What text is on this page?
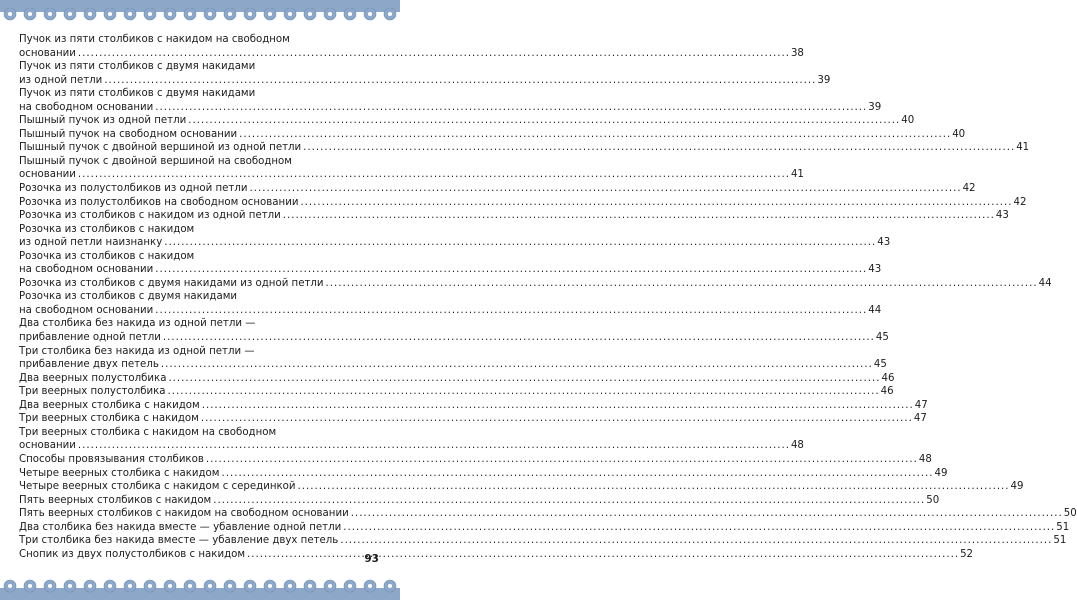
Пучок из пяти столбиков с накидом на свободном
основании .....	38
Пучок из пяти столбиков с двумя накидами
из одной петли .....	39
Пучок из пяти столбиков с двумя накидами
на свободном основании .....	39
Пышный пучок из одной петли .....	40
Пышный пучок на свободном основании .....	40
Пышный пучок с двойной вершиной из одной петли .....	41
Пышный пучок с двойной вершиной на свободном
основании .....	41
Розочка из полустолбиков из одной петли .....	42
Розочка из полустолбиков на свободном основании .....	42
Розочка из столбиков с накидом из одной петли .....	43
Розочка из столбиков с накидом
из одной петли наизнанку .....	43
Розочка из столбиков с накидом
на свободном основании .....	43
Розочка из столбиков с двумя накидами из одной петли .....	44
Розочка из столбиков с двумя накидами
на свободном основании .....	44
Два столбика без накида из одной петли —
прибавление одной петли .....	45
Три столбика без накида из одной петли —
прибавление двух петель .....	45
Два веерных полустолбика .....	46
Три веерных полустолбика .....	46
Два веерных столбика с накидом .....	47
Три веерных столбика с накидом .....	47
Три веерных столбика с накидом на свободном
основании .....	48
Способы провязывания столбиков .....	48
Четыре веерных столбика с накидом .....	49
Четыре веерных столбика с накидом с серединкой .....	49
Пять веерных столбиков с накидом .....	50
Пять веерных столбиков с накидом на свободном основании .....	50
Два столбика без накида вместе — убавление одной петли .....	51
Три столбика без накида вместе — убавление двух петель .....	51
Снопик из двух полустолбиков с накидом .....	52
93
